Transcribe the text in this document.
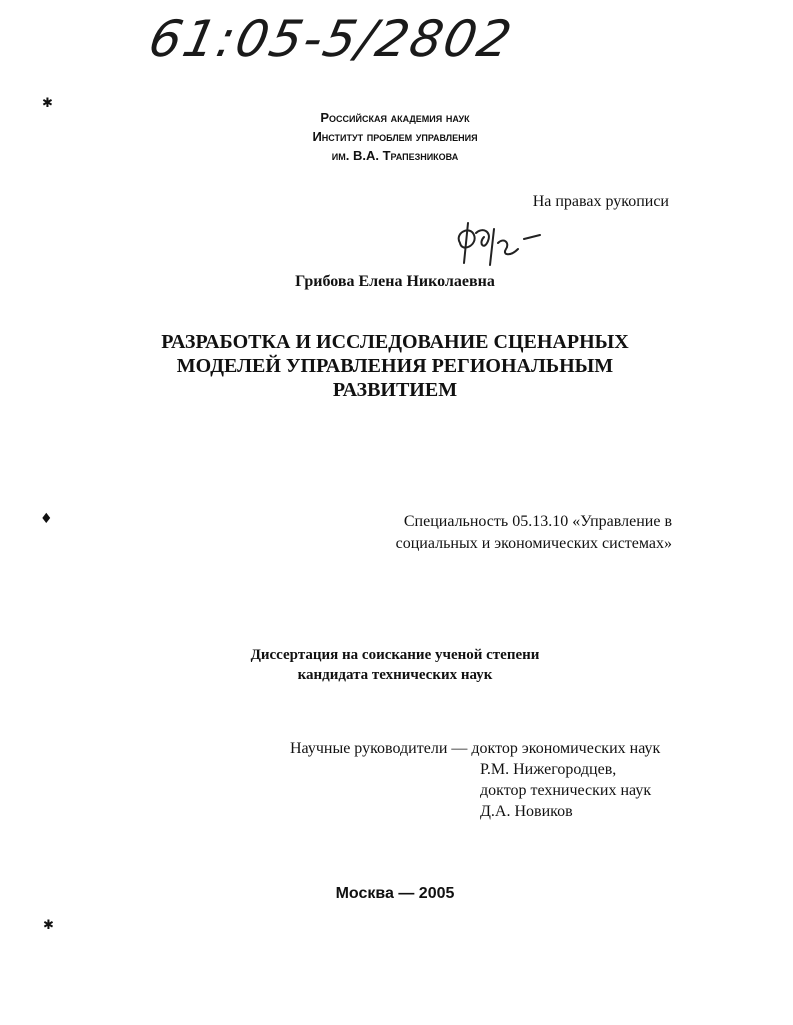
61:05-5/2802
✱
♦
✱
Российская академия наук
Институт проблем управления
им. В.А. Трапезникова
На правах рукописи
Грибова Елена Николаевна
РАЗРАБОТКА И ИССЛЕДОВАНИЕ СЦЕНАРНЫХ
МОДЕЛЕЙ УПРАВЛЕНИЯ РЕГИОНАЛЬНЫМ
РАЗВИТИЕМ
Специальность 05.13.10 «Управление в
социальных и экономических системах»
Диссертация на соискание ученой степени
кандидата технических наук
Научные руководители — доктор экономических наук
Р.М. Нижегородцев,
доктор технических наук
Д.А. Новиков
Москва — 2005
